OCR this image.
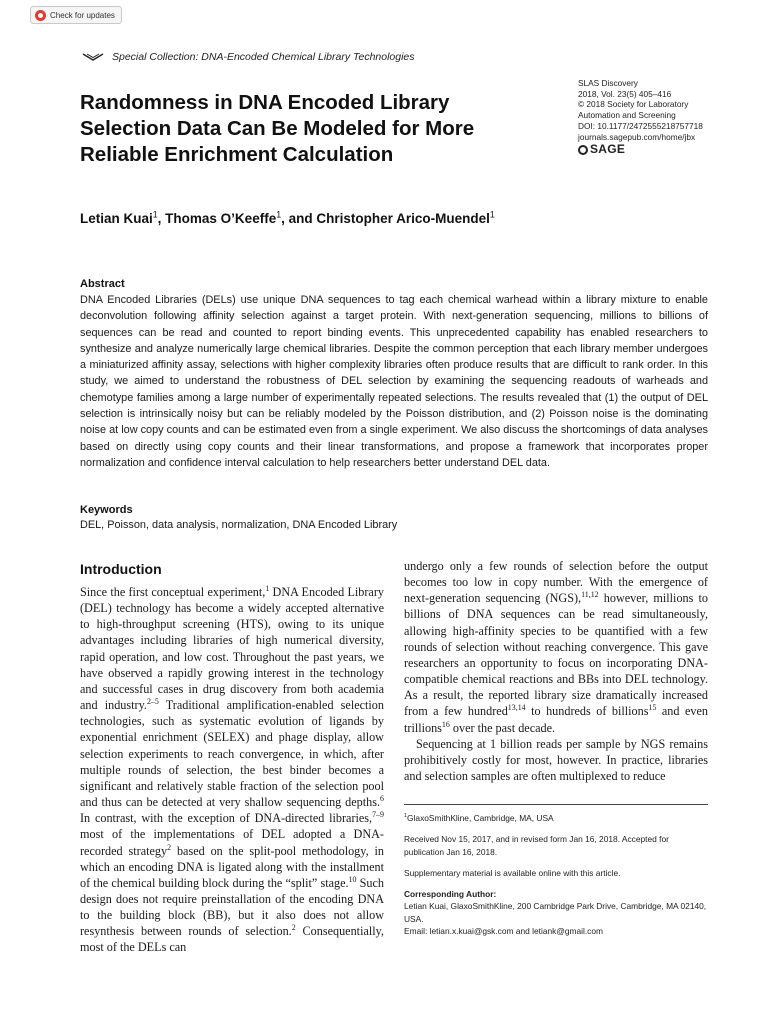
Check for updates
Special Collection: DNA-Encoded Chemical Library Technologies
Randomness in DNA Encoded Library
Selection Data Can Be Modeled for More
Reliable Enrichment Calculation
SLAS Discovery
2018, Vol. 23(5) 405–416
© 2018 Society for Laboratory
Automation and Screening
DOI: 10.1177/2472555218757718
journals.sagepub.com/home/jbx
SAGE
Letian Kuai$^1$, Thomas O’Keeffe$^1$, and Christopher Arico-Muendel$^1$
Abstract
DNA Encoded Libraries (DELs) use unique DNA sequences to tag each chemical warhead within a library mixture to enable deconvolution following affinity selection against a target protein. With next-generation sequencing, millions to billions of sequences can be read and counted to report binding events. This unprecedented capability has enabled researchers to synthesize and analyze numerically large chemical libraries. Despite the common perception that each library member undergoes a miniaturized affinity assay, selections with higher complexity libraries often produce results that are difficult to rank order. In this study, we aimed to understand the robustness of DEL selection by examining the sequencing readouts of warheads and chemotype families among a large number of experimentally repeated selections. The results revealed that (1) the output of DEL selection is intrinsically noisy but can be reliably modeled by the Poisson distribution, and (2) Poisson noise is the dominating noise at low copy counts and can be estimated even from a single experiment. We also discuss the shortcomings of data analyses based on directly using copy counts and their linear transformations, and propose a framework that incorporates proper normalization and confidence interval calculation to help researchers better understand DEL data.
Keywords
DEL, Poisson, data analysis, normalization, DNA Encoded Library
Introduction

Since the first conceptual experiment,$^1$ DNA Encoded Library (DEL) technology has become a widely accepted alternative to high-throughput screening (HTS), owing to its unique advantages including libraries of high numerical diversity, rapid operation, and low cost. Throughout the past years, we have observed a rapidly growing interest in the technology and successful cases in drug discovery from both academia and industry.$^{2-5}$ Traditional amplification-enabled selection technologies, such as systematic evolution of ligands by exponential enrichment (SELEX) and phage display, allow selection experiments to reach convergence, in which, after multiple rounds of selection, the best binder becomes a significant and relatively stable fraction of the selection pool and thus can be detected at very shallow sequencing depths.$^6$ In contrast, with the exception of DNA-directed libraries,$^{7-9}$ most of the implementations of DEL adopted a DNA-recorded strategy$^2$ based on the split-pool methodology, in which an encoding DNA is ligated along with the installment of the chemical building block during the “split” stage.$^{10}$ Such design does not require preinstallation of the encoding DNA to the building block (BB), but it also does not allow resynthesis between rounds of selection.$^2$ Consequentially, most of the DELs can

undergo only a few rounds of selection before the output becomes too low in copy number. With the emergence of next-generation sequencing (NGS),$^{11,12}$ however, millions to billions of DNA sequences can be read simultaneously, allowing high-affinity species to be quantified with a few rounds of selection without reaching convergence. This gave researchers an opportunity to focus on incorporating DNA-compatible chemical reactions and BBs into DEL technology. As a result, the reported library size dramatically increased from a few hundred$^{13,14}$ to hundreds of billions$^{15}$ and even trillions$^{16}$ over the past decade.

Sequencing at 1 billion reads per sample by NGS remains prohibitively costly for most, however. In practice, libraries and selection samples are often multiplexed to reduce

$^1$GlaxoSmithKline, Cambridge, MA, USA
Received Nov 15, 2017, and in revised form Jan 16, 2018. Accepted for publication Jan 16, 2018.
Supplementary material is available online with this article.
Corresponding Author:
Letian Kuai, GlaxoSmithKline, 200 Cambridge Park Drive, Cambridge, MA 02140, USA.
Email: letian.x.kuai@gsk.com and letiank@gmail.com
